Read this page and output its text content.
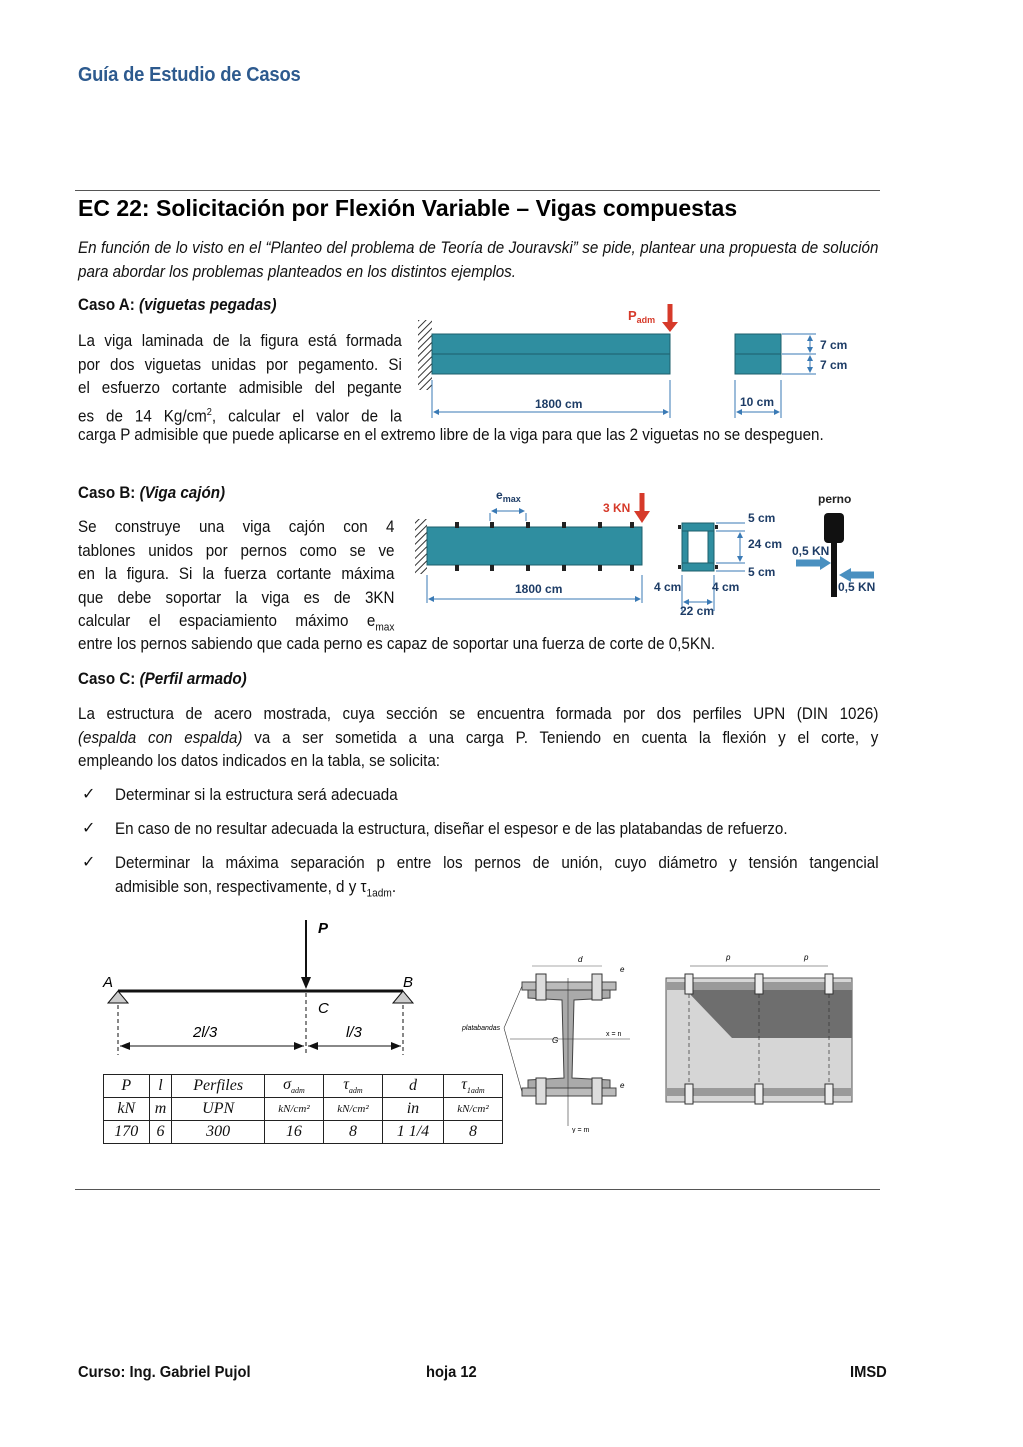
Guía de Estudio de Casos
EC 22: Solicitación por Flexión Variable – Vigas compuestas
En función de lo visto en el “Planteo del problema de Teoría de Jouravski” se pide, plantear una propuesta de solución para abordar los problemas planteados en los distintos ejemplos.
Caso A: (viguetas pegadas)
La viga laminada de la figura está formada
por dos viguetas unidas por pegamento. Si
el esfuerzo cortante admisible del pegante
es de 14 $Kg/cm^2$, calcular el valor de la
carga P admisible que puede aplicarse en el extremo libre de la viga para que las 2 viguetas no se despeguen.
$P_{adm}$
1800 cm
7 cm
7 cm
10 cm
Caso B: (Viga cajón)
Se construye una viga cajón con 4
tablones unidos por pernos como se ve
en la figura. Si la fuerza cortante máxima
que debe soportar la viga es de 3KN
calcular el espaciamiento máximo $e_{max}$
entre los pernos sabiendo que cada perno es capaz de soportar una fuerza de corte de 0,5KN.
$e_{max}$
3 KN
1800 cm
5 cm
24 cm
5 cm
4 cm	4 cm
22 cm
perno
0,5 KN
0,5 KN
Caso C: (Perfil armado)
La estructura de acero mostrada, cuya sección se encuentra formada por dos perfiles UPN (DIN 1026)
(espalda con espalda) va a ser sometida a una carga P. Teniendo en cuenta la flexión y el corte, y
empleando los datos indicados en la tabla, se solicita:
✓ Determinar si la estructura será adecuada
✓ En caso de no resultar adecuada la estructura, diseñar el espesor e de las platabandas de refuerzo.
✓ Determinar la máxima separación p entre los pernos de unión, cuyo diámetro y tensión tangencial
admisible son, respectivamente, d y $\tau_{1adm}$.
P
A	B
C
2l/3	l/3
P	l	Perfiles	$\sigma_{adm}$	$\tau_{adm}$	d	$\tau_{1adm}$
kN	m	UPN	kN/cm²	kN/cm²	in	kN/cm²
170	6	300	16	8	1 1/4	8
d
e
e
G
x = n
y = m
platabandas
p	p
Curso: Ing. Gabriel Pujol	hoja 12	IMSD
